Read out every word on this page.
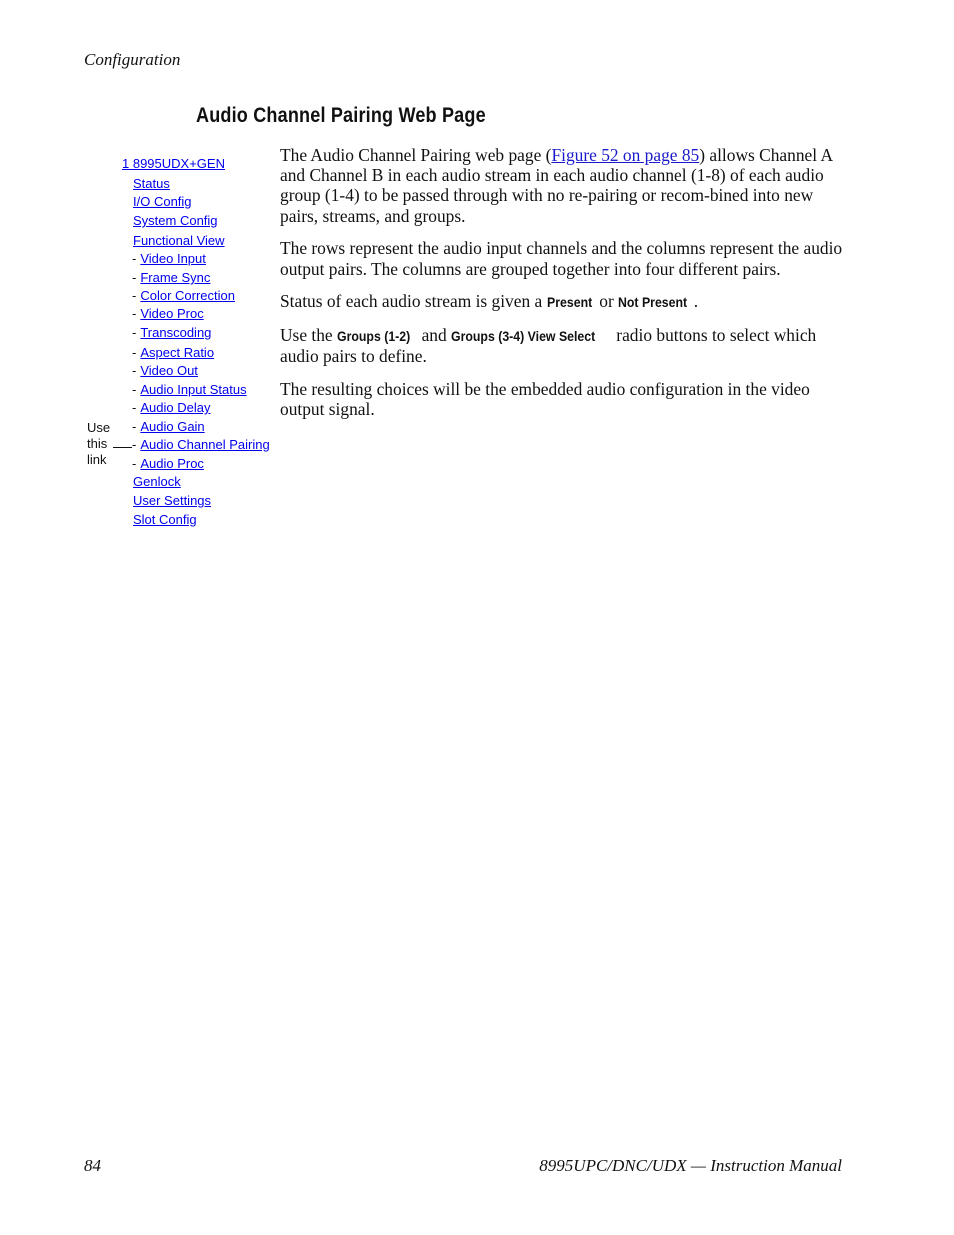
Configuration
Audio Channel Pairing Web Page
1 8995UDX+GEN
Status
I/O Config
System Config
Functional View
- Video Input
- Frame Sync
- Color Correction
- Video Proc
- Transcoding
- Aspect Ratio
- Video Out
- Audio Input Status
- Audio Delay
- Audio Gain
- Audio Channel Pairing
- Audio Proc
Genlock
User Settings
Slot Config
Use
this
link

The Audio Channel Pairing web page (Figure 52 on page 85) allows Channel A and Channel B in each audio stream in each audio channel (1-8) of each audio group (1-4) to be passed through with no re-pairing or recom-bined into new pairs, streams, and groups.

The rows represent the audio input channels and the columns represent the audio output pairs. The columns are grouped together into four different pairs.

Status of each audio stream is given a Present or Not Present .

Use the Groups (1-2) and Groups (3-4) View Select radio buttons to select which audio pairs to define.

The resulting choices will be the embedded audio configuration in the video output signal.

84	8995UPC/DNC/UDX — Instruction Manual
